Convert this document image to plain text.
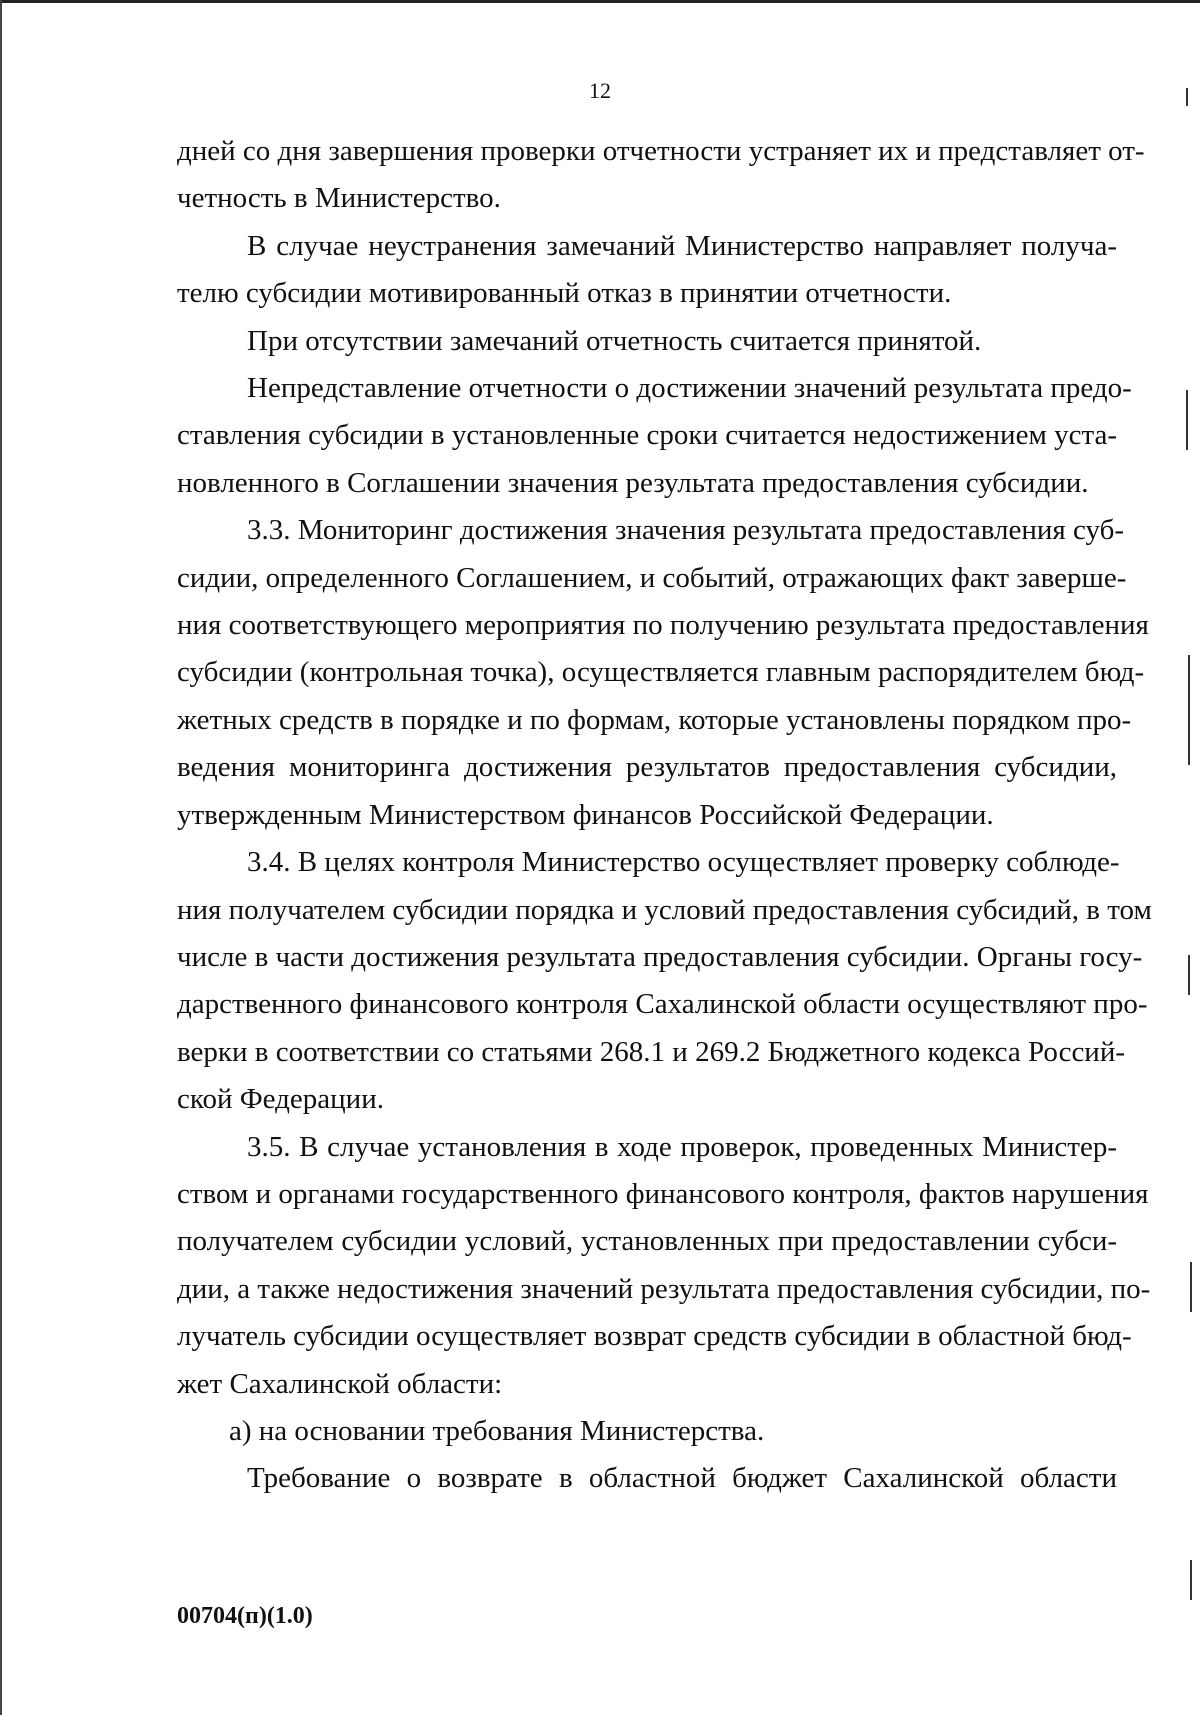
12
дней со дня завершения проверки отчетности устраняет их и представляет от-
четность в Министерство.
В случае неустранения замечаний Министерство направляет получа-
телю субсидии мотивированный отказ в принятии отчетности.
При отсутствии замечаний отчетность считается принятой.
Непредставление отчетности о достижении значений результата предо-
ставления субсидии в установленные сроки считается недостижением уста-
новленного в Соглашении значения результата предоставления субсидии.
3.3. Мониторинг достижения значения результата предоставления суб-
сидии, определенного Соглашением, и событий, отражающих факт заверше-
ния соответствующего мероприятия по получению результата предоставления
субсидии (контрольная точка), осуществляется главным распорядителем бюд-
жетных средств в порядке и по формам, которые установлены порядком про-
ведения мониторинга достижения результатов предоставления субсидии,
утвержденным Министерством финансов Российской Федерации.
3.4. В целях контроля Министерство осуществляет проверку соблюде-
ния получателем субсидии порядка и условий предоставления субсидий, в том
числе в части достижения результата предоставления субсидии. Органы госу-
дарственного финансового контроля Сахалинской области осуществляют про-
верки в соответствии со статьями 268.1 и 269.2 Бюджетного кодекса Россий-
ской Федерации.
3.5. В случае установления в ходе проверок, проведенных Министер-
ством и органами государственного финансового контроля, фактов нарушения
получателем субсидии условий, установленных при предоставлении субси-
дии, а также недостижения значений результата предоставления субсидии, по-
лучатель субсидии осуществляет возврат средств субсидии в областной бюд-
жет Сахалинской области:
а) на основании требования Министерства.
Требование о возврате в областной бюджет Сахалинской области
00704(п)(1.0)
